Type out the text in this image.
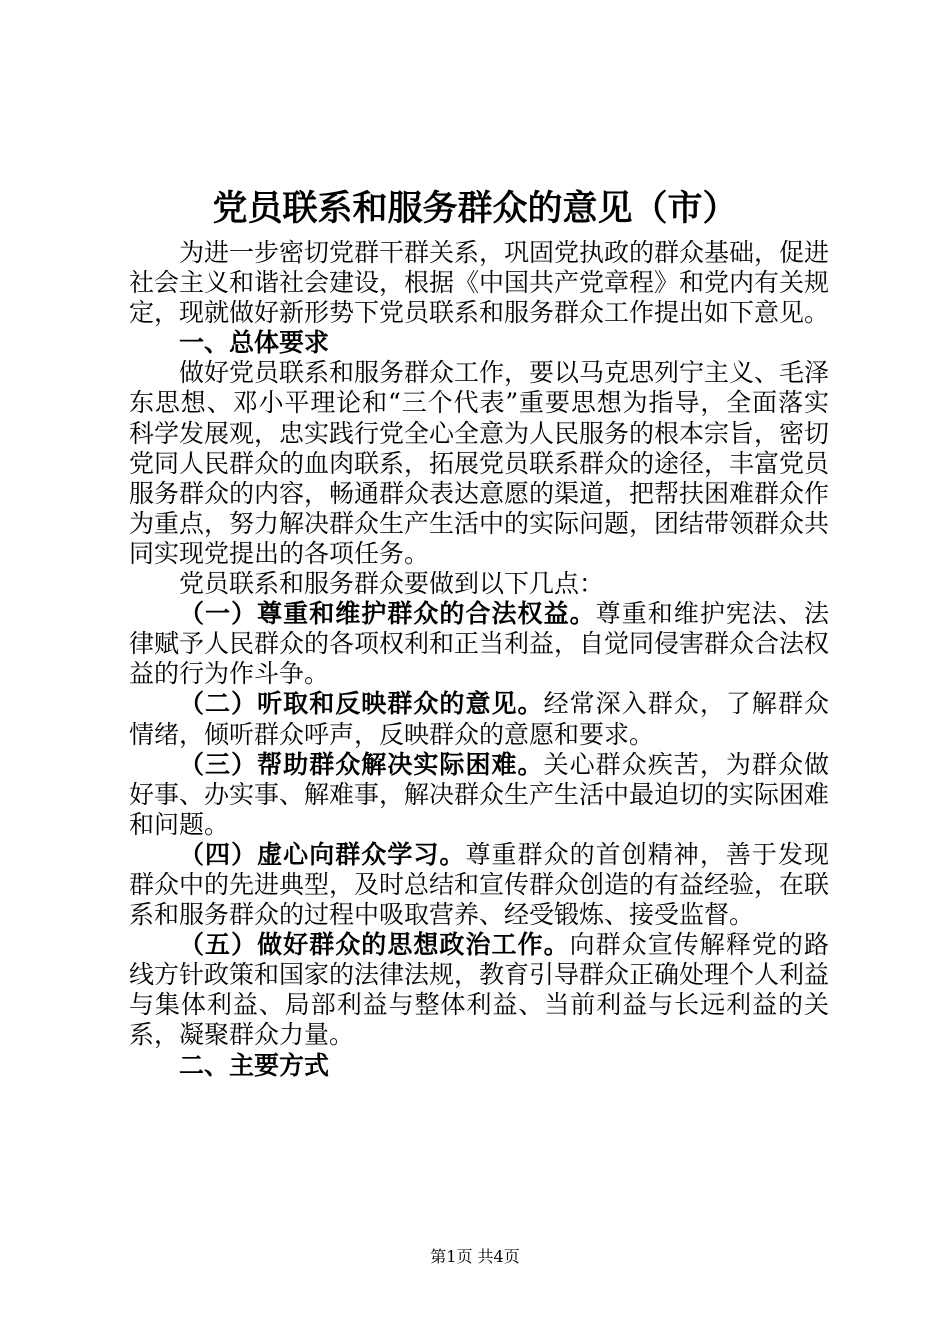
党员联系和服务群众的意见（市）

为进一步密切党群干群关系，巩固党执政的群众基础，促进社会主义和谐社会建设，根据《中国共产党章程》和党内有关规定，现就做好新形势下党员联系和服务群众工作提出如下意见。

一、总体要求

做好党员联系和服务群众工作，要以马克思列宁主义、毛泽东思想、邓小平理论和“三个代表”重要思想为指导，全面落实科学发展观，忠实践行党全心全意为人民服务的根本宗旨，密切党同人民群众的血肉联系，拓展党员联系群众的途径，丰富党员服务群众的内容，畅通群众表达意愿的渠道，把帮扶困难群众作为重点，努力解决群众生产生活中的实际问题，团结带领群众共同实现党提出的各项任务。

党员联系和服务群众要做到以下几点：

（一）尊重和维护群众的合法权益。尊重和维护宪法、法律赋予人民群众的各项权利和正当利益，自觉同侵害群众合法权益的行为作斗争。

（二）听取和反映群众的意见。经常深入群众，了解群众情绪，倾听群众呼声，反映群众的意愿和要求。

（三）帮助群众解决实际困难。关心群众疾苦，为群众做好事、办实事、解难事，解决群众生产生活中最迫切的实际困难和问题。

（四）虚心向群众学习。尊重群众的首创精神，善于发现群众中的先进典型，及时总结和宣传群众创造的有益经验，在联系和服务群众的过程中吸取营养、经受锻炼、接受监督。

（五）做好群众的思想政治工作。向群众宣传解释党的路线方针政策和国家的法律法规，教育引导群众正确处理个人利益与集体利益、局部利益与整体利益、当前利益与长远利益的关系，凝聚群众力量。

二、主要方式

第1页 共4页
